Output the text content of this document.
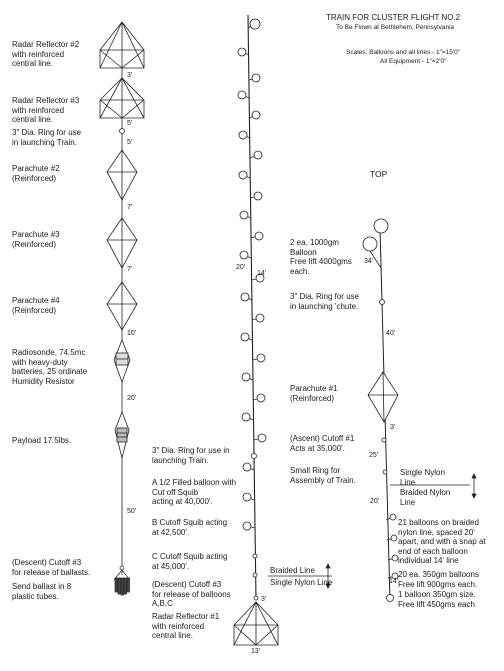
TRAIN FOR CLUSTER FLIGHT NO.2
To Be Flown at Bethlehem, Pennsylvania
Scales: Balloons and all lines - 1"=15'0"
All Equipment - 1"=2'0"
Radar Reflector #2
with reinforced
central line.
Radar Reflector #3
with reinforced
central line.
3" Dia. Ring for use
in launching Train.
Parachute #2
(Reinforced)
Parachute #3
(Reinforced)
Parachute #4
(Reinforced)
Radiosonde, 74.5mc
with heavy-duty
batteries, 25 ordinate
Humidity Resistor
Payload 17.5lbs.
(Descent) Cutoff #3
for release of ballasts.
Send ballast in 8
plastic tubes.
3'
5'
5'
7'
7'
10'
20'
50'
3" Dia. Ring for use in
launching Train.
A 1/2 Filled balloon with
Cut off Squib
acting at 40,000'.
B Cutoff Squib acting
at 42,500'.
C Cutoff Squib acting
at 45,000'.
(Descent) Cutoff #3
for release of balloons
A,B,C
Radar Reflector #1
with reinforced
central line.
Braided Line
Single Nylon Line
20'
14'
3'
13'
TOP
2 ea. 1000gm
Balloon
Free lift 4000gms
each.
3" Dia. Ring for use
in launching 'chute.
Parachute #1
(Reinforced)
(Ascent) Cutoff #1
Acts at 35,000'.
Small Ring for
Assembly of Train.
Single Nylon
Line
Braided Nylon
Line
21 balloons on braided
nylon line, spaced 20'
apart, and with a snap at
end of each balloon
individual 14' line
20 ea. 350gm balloons
Free lift 900gms each.
1 balloon 350gm size.
Free lift 450gms each
34'
40'
3'
25'
20'
14'
